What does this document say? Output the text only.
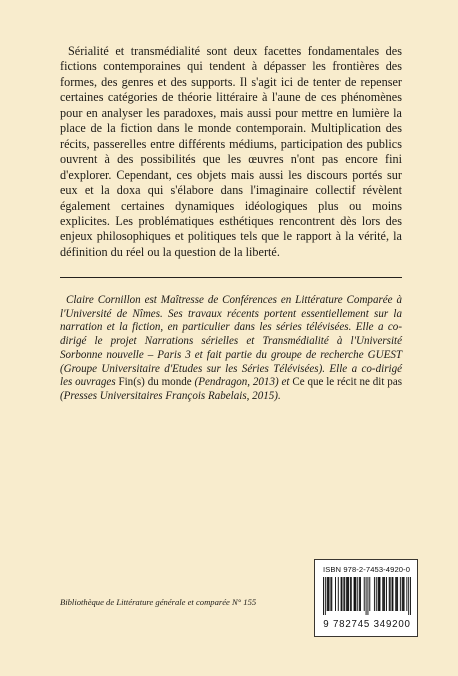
Sérialité et transmédialité sont deux facettes fondamentales des fictions contemporaines qui tendent à dépasser les frontières des formes, des genres et des supports. Il s'agit ici de tenter de repenser certaines catégories de théorie littéraire à l'aune de ces phénomènes pour en analyser les paradoxes, mais aussi pour mettre en lumière la place de la fiction dans le monde contemporain. Multiplication des récits, passerelles entre différents médiums, participation des publics ouvrent à des possibilités que les œuvres n'ont pas encore fini d'explorer. Cependant, ces objets mais aussi les discours portés sur eux et la doxa qui s'élabore dans l'imaginaire collectif révèlent également certaines dynamiques idéologiques plus ou moins explicites. Les problématiques esthétiques rencontrent dès lors des enjeux philosophiques et politiques tels que le rapport à la vérité, la définition du réel ou la question de la liberté.

Claire Cornillon est Maîtresse de Conférences en Littérature Comparée à l'Université de Nîmes. Ses travaux récents portent essentiellement sur la narration et la fiction, en particulier dans les séries télévisées. Elle a co-dirigé le projet Narrations sérielles et Transmédialité à l'Université Sorbonne nouvelle – Paris 3 et fait partie du groupe de recherche GUEST (Groupe Universitaire d'Etudes sur les Séries Télévisées). Elle a co-dirigé les ouvrages Fin(s) du monde (Pendragon, 2013) et Ce que le récit ne dit pas (Presses Universitaires François Rabelais, 2015).

Bibliothèque de Littérature générale et comparée N° 155

ISBN 978-2-7453-4920-0
9 782745 349200
